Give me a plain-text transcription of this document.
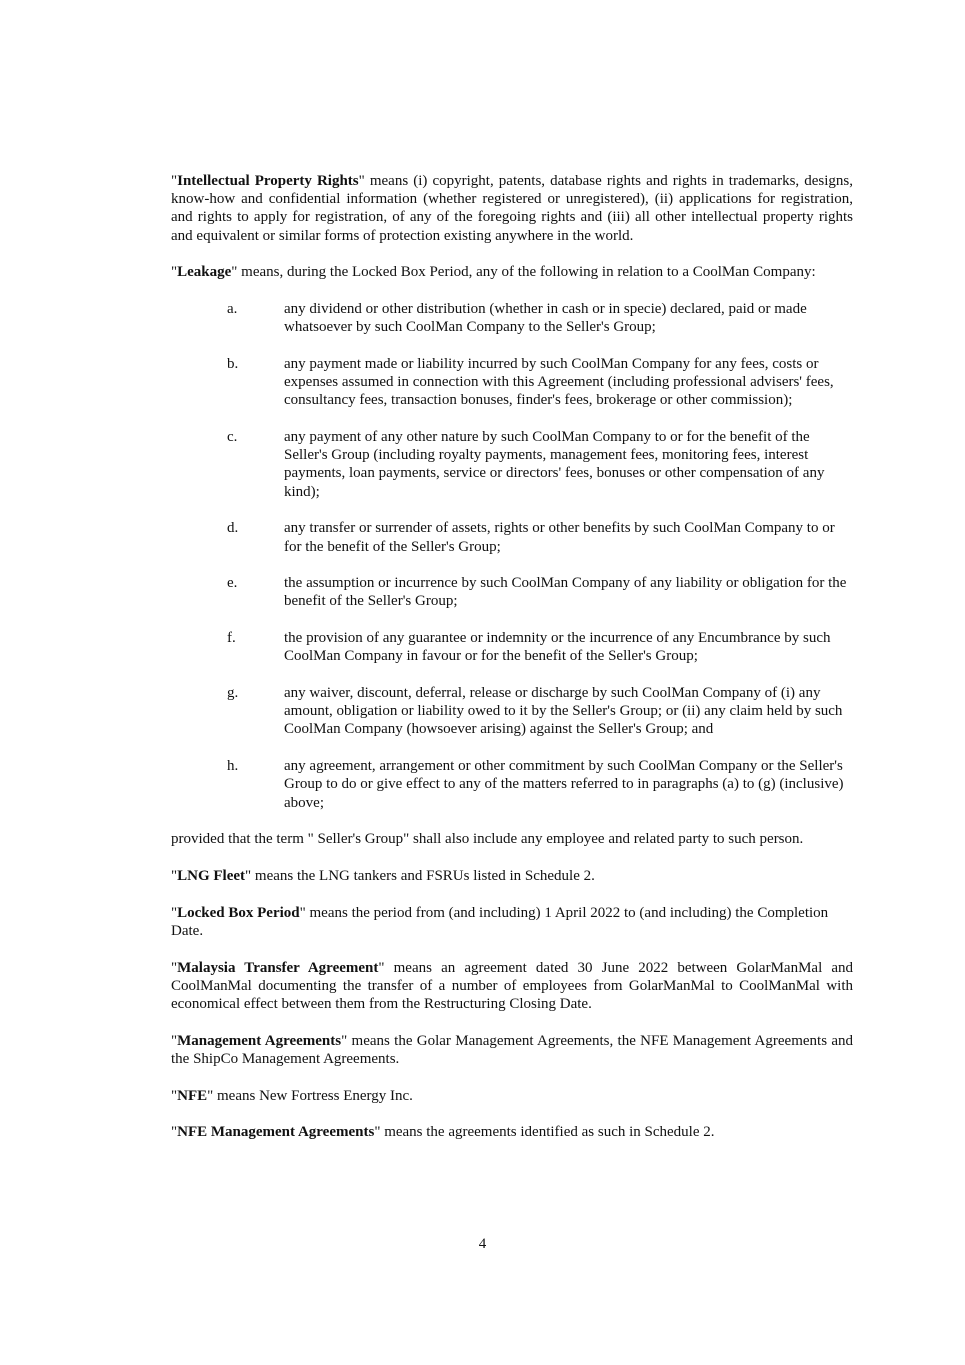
"Intellectual Property Rights" means (i) copyright, patents, database rights and rights in trademarks, designs, know-how and confidential information (whether registered or unregistered), (ii) applications for registration, and rights to apply for registration, of any of the foregoing rights and (iii) all other intellectual property rights and equivalent or similar forms of protection existing anywhere in the world.

"Leakage" means, during the Locked Box Period, any of the following in relation to a CoolMan Company:

a.	any dividend or other distribution (whether in cash or in specie) declared, paid or made whatsoever by such CoolMan Company to the Seller's Group;
b.	any payment made or liability incurred by such CoolMan Company for any fees, costs or expenses assumed in connection with this Agreement (including professional advisers' fees, consultancy fees, transaction bonuses, finder's fees, brokerage or other commission);
c.	any payment of any other nature by such CoolMan Company to or for the benefit of the Seller's Group (including royalty payments, management fees, monitoring fees, interest payments, loan payments, service or directors' fees, bonuses or other compensation of any kind);
d.	any transfer or surrender of assets, rights or other benefits by such CoolMan Company to or for the benefit of the Seller's Group;
e.	the assumption or incurrence by such CoolMan Company of any liability or obligation for the benefit of the Seller's Group;
f.	the provision of any guarantee or indemnity or the incurrence of any Encumbrance by such CoolMan Company in favour or for the benefit of the Seller's Group;
g.	any waiver, discount, deferral, release or discharge by such CoolMan Company of (i) any amount, obligation or liability owed to it by the Seller's Group; or (ii) any claim held by such CoolMan Company (howsoever arising) against the Seller's Group; and
h.	any agreement, arrangement or other commitment by such CoolMan Company or the Seller's Group to do or give effect to any of the matters referred to in paragraphs (a) to (g) (inclusive) above;

provided that the term " Seller's Group" shall also include any employee and related party to such person.

"LNG Fleet" means the LNG tankers and FSRUs listed in Schedule 2.

"Locked Box Period" means the period from (and including) 1 April 2022 to (and including) the Completion Date.

"Malaysia Transfer Agreement" means an agreement dated 30 June 2022 between GolarManMal and CoolManMal documenting the transfer of a number of employees from GolarManMal to CoolManMal with economical effect between them from the Restructuring Closing Date.

"Management Agreements" means the Golar Management Agreements, the NFE Management Agreements and the ShipCo Management Agreements.

"NFE" means New Fortress Energy Inc.

"NFE Management Agreements" means the agreements identified as such in Schedule 2.

4
